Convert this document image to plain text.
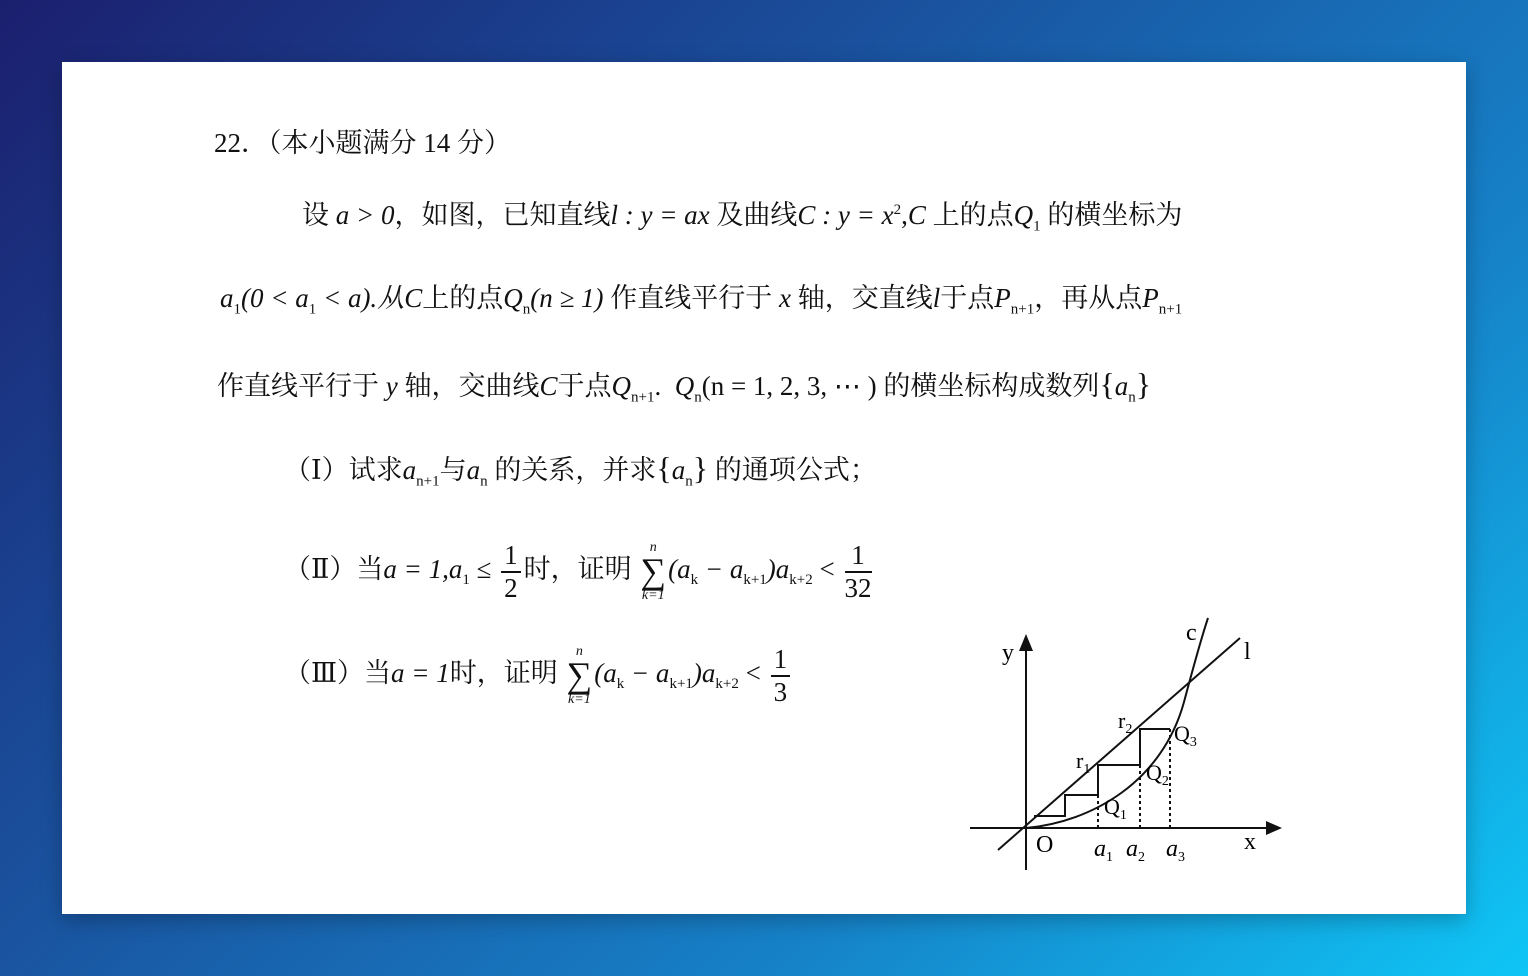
22．（本小题满分 14 分）
设 a > 0，如图，已知直线l : y = ax 及曲线C : $y = x^2,C$ 上的点$Q_1$ 的横坐标为
$a_1(0 < a_1 < a)$.从C上的点$Q_n(n \ge 1)$ 作直线平行于 x 轴，交直线l于点$P_{n+1}$，再从点$P_{n+1}$
作直线平行于 y 轴，交曲线C于点$Q_{n+1}$. $Q_n(n = 1$, 2, 3, ⋯ ) 的横坐标构成数列$\{a_n\}$
（Ⅰ）试求$a_{n+1}$与$a_n$ 的关系，并求$\{a_n\}$ 的通项公式；
（Ⅱ）当$a = 1,a_1 \le \frac{1}{2}$ 时，证明
n
∑
k=1
$(a_k - a_{k+1})a_{k+2} < \frac{1}{32}$
（Ⅲ）当a = 1时，证明
n
∑
k=1
$(a_k - a_{k+1})a_{k+2} < \frac{1}{3}$	y
x
c
l
O
$r_1$
$r_2$
$Q_1$
$Q_2$
$Q_3$
$a_1$ $a_2$ $a_3$
